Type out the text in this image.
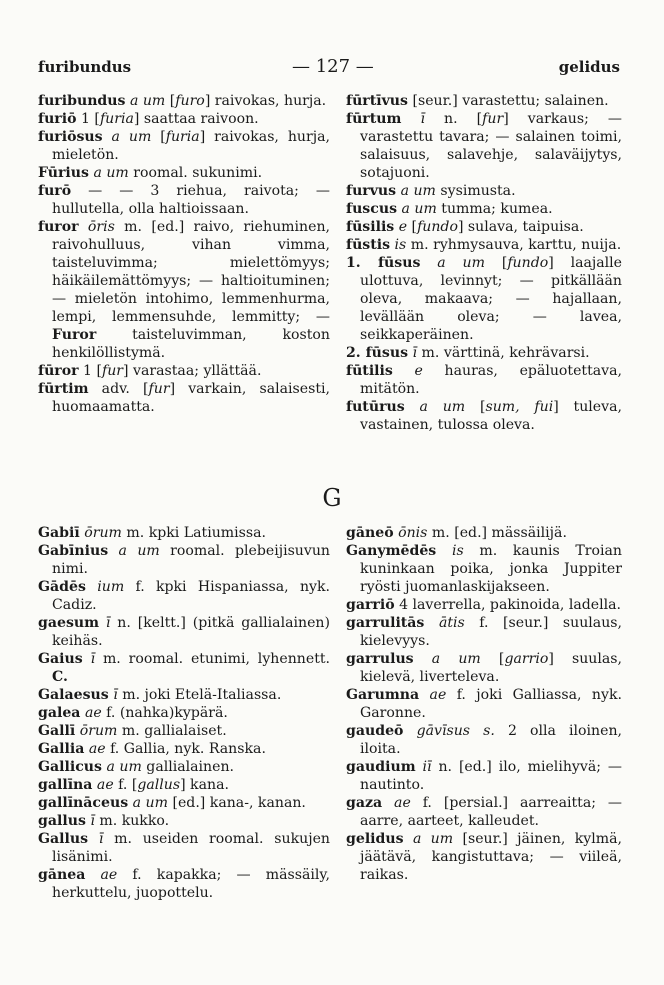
furibundus	— 127 —	gelidus

furibundus a um [furo] raivokas, hurja.

furiō 1 [furia] saattaa raivoon.

furiōsus a um [furia] raivokas, hurja, mieletön.

Fūrius a um roomal. sukunimi.

furō — — 3 riehua, raivota; — hullutella, olla haltioissaan.

furor ōris m. [ed.] raivo, riehuminen, raivohulluus, vihan vimma, taisteluvimma; mielettömyys; häikäilemättömyys; — haltioituminen; — mieletön intohimo, lemmenhurma, lempi, lemmensuhde, lemmitty; — Furor taisteluvimman, koston henkilöllistymä.

fūror 1 [fur] varastaa; yllättää.

fūrtim adv. [fur] varkain, salaisesti, huomaamatta.

fūrtīvus [seur.] varastettu; salainen.

fūrtum ī n. [fur] varkaus; — varastettu tavara; — salainen toimi, salaisuus, salavehje, salaväijytys, sotajuoni.

furvus a um sysimusta.

fuscus a um tumma; kumea.

fūsilis e [fundo] sulava, taipuisa.

fūstis is m. ryhmysauva, karttu, nuija.

1. fūsus a um [fundo] laajalle ulottuva, levinnyt; — pitkällään oleva, makaava; — hajallaan, levällään oleva; — lavea, seikkaperäinen.

2. fūsus ī m. värttinä, kehrävarsi.

fūtilis e hauras, epäluotettava, mitätön.

futūrus a um [sum, fui] tuleva, vastainen, tulossa oleva.

G

Gabiī ōrum m. kpki Latiumissa.

Gabīnius a um roomal. plebeijisuvun nimi.

Gādēs ium f. kpki Hispaniassa, nyk. Cadiz.

gaesum ī n. [keltt.] (pitkä gallialainen) keihäs.

Gaius ī m. roomal. etunimi, lyhennett. C.

Galaesus ī m. joki Etelä-Italiassa.

galea ae f. (nahka)kypärä.

Gallī ōrum m. gallialaiset.

Gallia ae f. Gallia, nyk. Ranska.

Gallicus a um gallialainen.

gallīna ae f. [gallus] kana.

gallīnāceus a um [ed.] kana-, kanan.

gallus ī m. kukko.

Gallus ī m. useiden roomal. sukujen lisänimi.

gānea ae f. kapakka; — mässäily, herkuttelu, juopottelu.

gāneō ōnis m. [ed.] mässäilijä.

Ganymēdēs is m. kaunis Troian kuninkaan poika, jonka Juppiter ryösti juomanlaskijakseen.

garriō 4 laverrella, pakinoida, ladella.

garrulitās ātis f. [seur.] suulaus, kielevyys.

garrulus a um [garrio] suulas, kielevä, liverteleva.

Garumna ae f. joki Galliassa, nyk. Garonne.

gaudeō gāvīsus s. 2 olla iloinen, iloita.

gaudium iī n. [ed.] ilo, mielihyvä; — nautinto.

gaza ae f. [persial.] aarreaitta; — aarre, aarteet, kalleudet.

gelidus a um [seur.] jäinen, kylmä, jäätävä, kangistuttava; — viileä, raikas.
